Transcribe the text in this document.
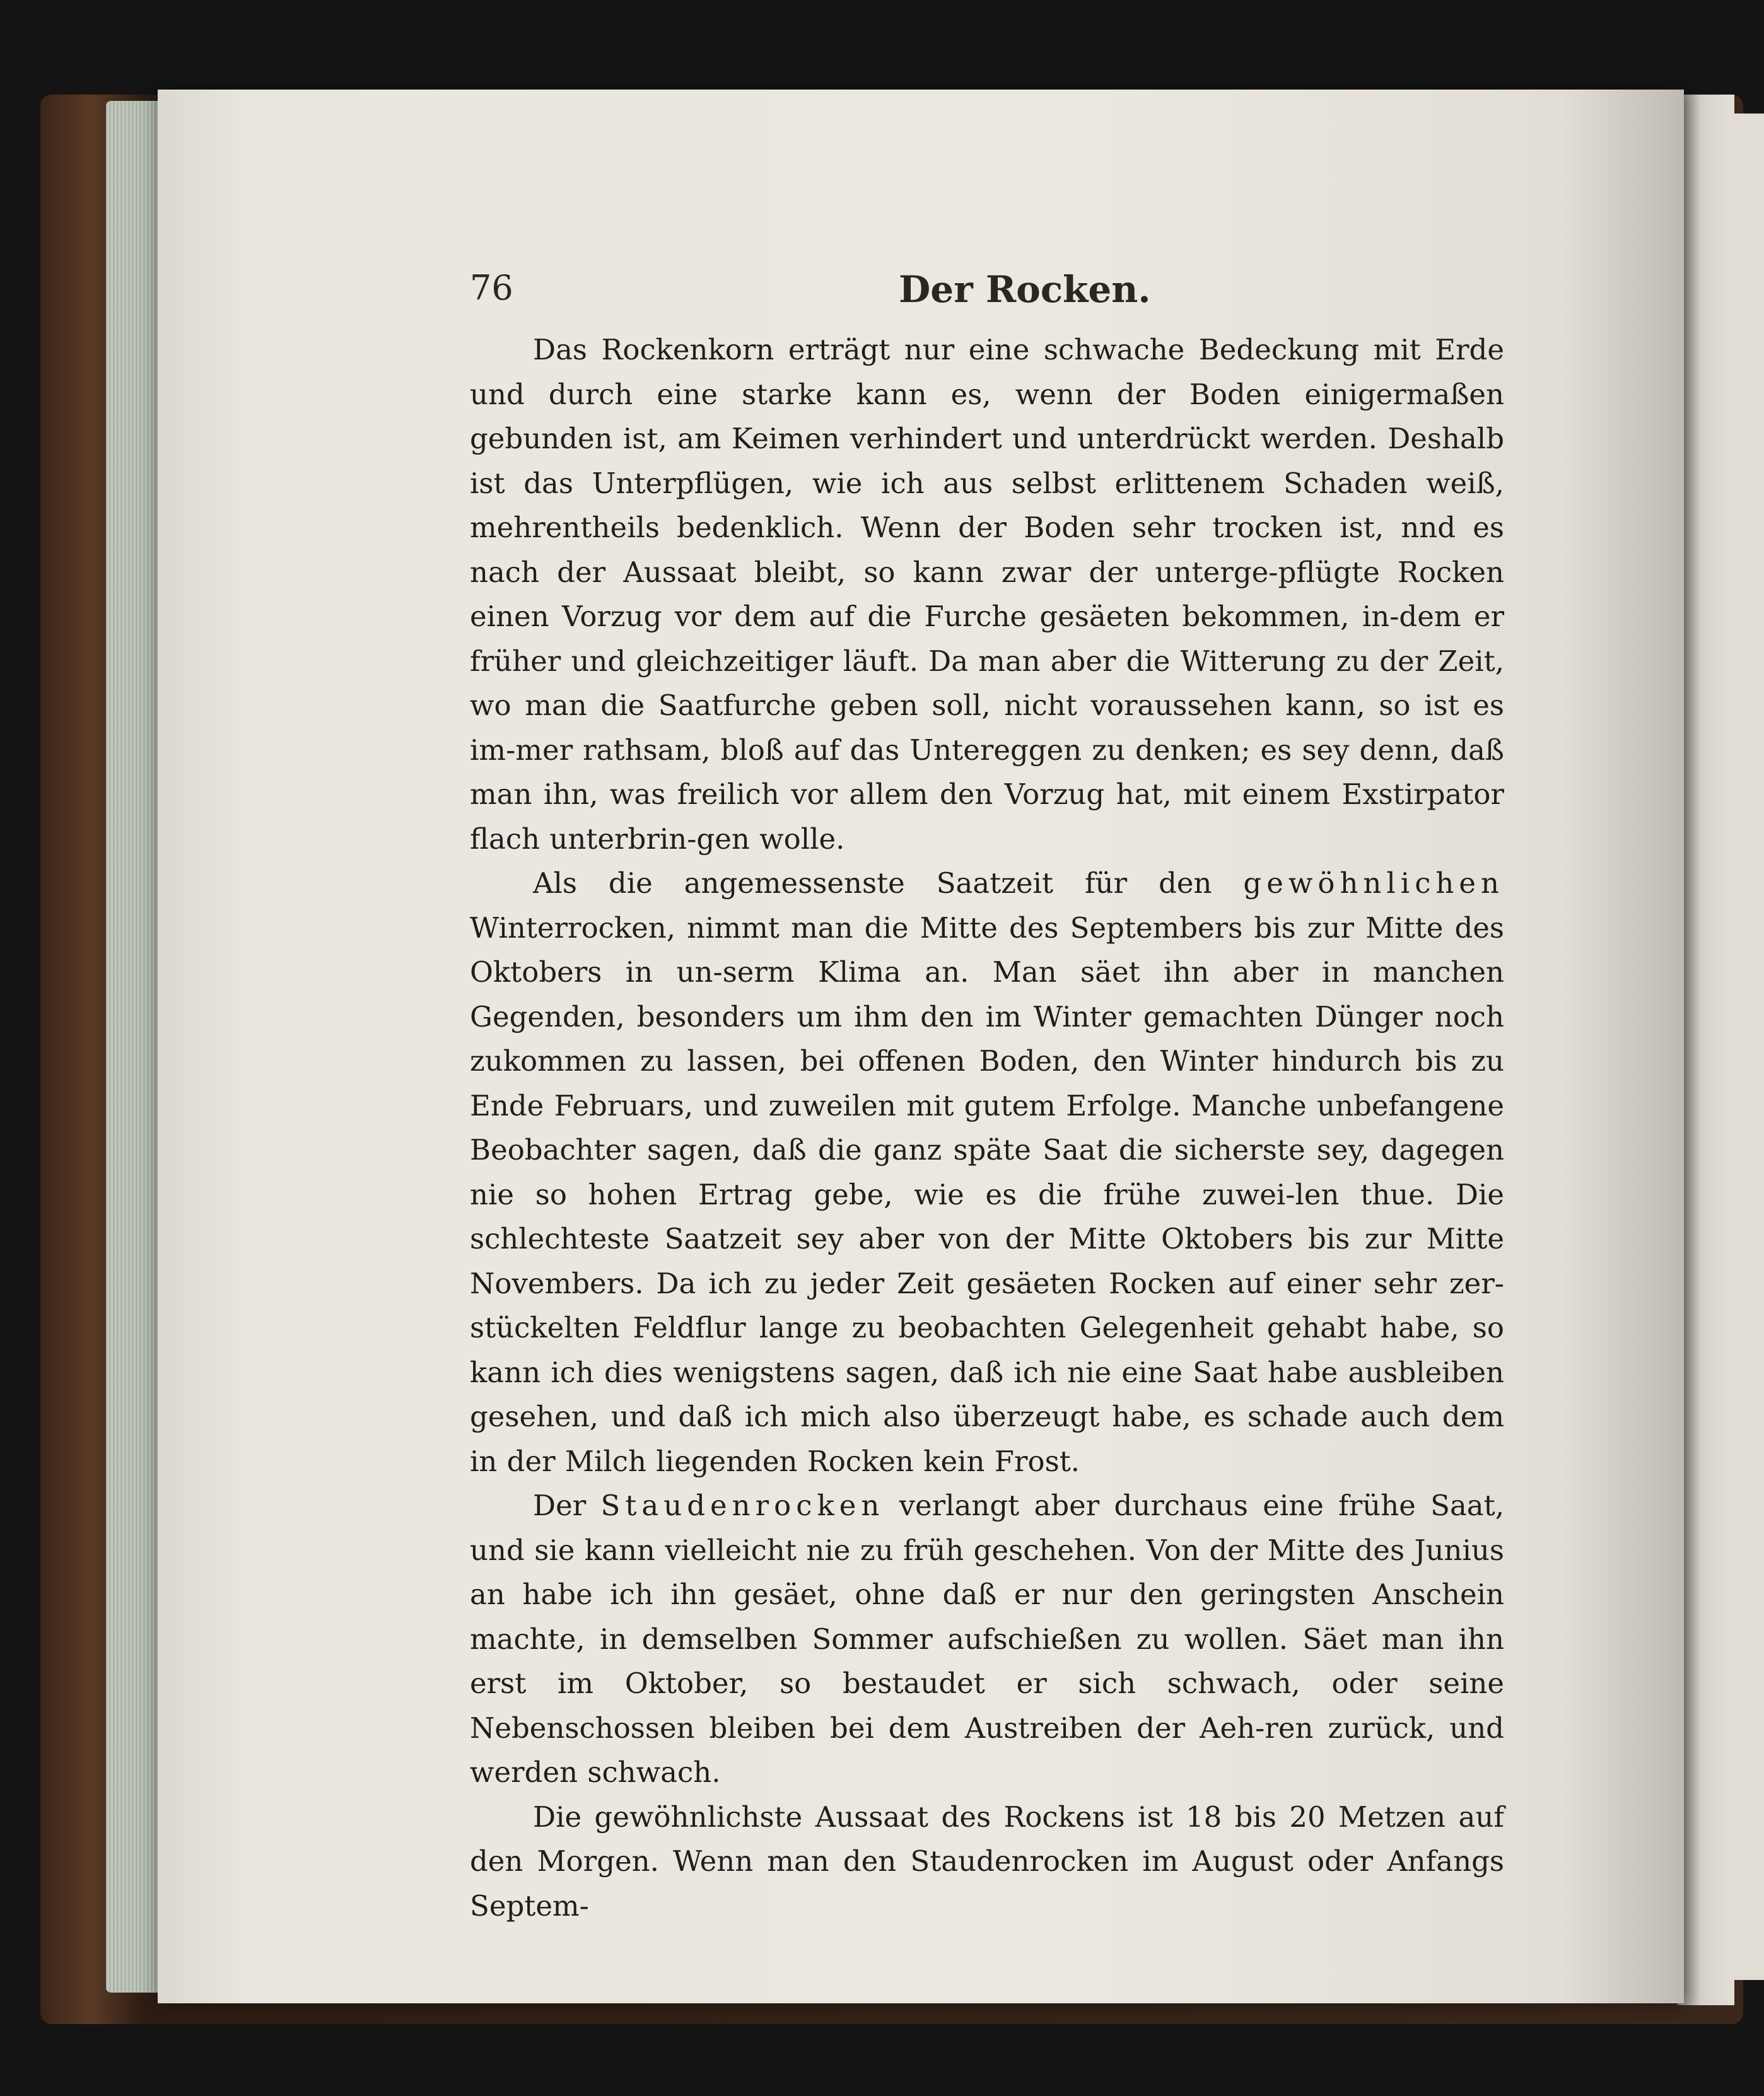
76	Der Rocken.

Das Rockenkorn erträgt nur eine schwache Bedeckung mit Erde und durch eine starke kann es, wenn der Boden einigermaßen gebunden ist, am Keimen verhindert und unterdrückt werden. Deshalb ist das Unterpflügen, wie ich aus selbst erlittenem Schaden weiß, mehrentheils bedenklich. Wenn der Boden sehr trocken ist, nnd es nach der Aussaat bleibt, so kann zwar der unterge-pflügte Rocken einen Vorzug vor dem auf die Furche gesäeten bekommen, in-dem er früher und gleichzeitiger läuft. Da man aber die Witterung zu der Zeit, wo man die Saatfurche geben soll, nicht voraussehen kann, so ist es im-mer rathsam, bloß auf das Untereggen zu denken; es sey denn, daß man ihn, was freilich vor allem den Vorzug hat, mit einem Exstirpator flach unterbrin-gen wolle.

Als die angemessenste Saatzeit für den gewöhnlichen Winterrocken, nimmt man die Mitte des Septembers bis zur Mitte des Oktobers in un-serm Klima an. Man säet ihn aber in manchen Gegenden, besonders um ihm den im Winter gemachten Dünger noch zukommen zu lassen, bei offenen Boden, den Winter hindurch bis zu Ende Februars, und zuweilen mit gutem Erfolge. Manche unbefangene Beobachter sagen, daß die ganz späte Saat die sicherste sey, dagegen nie so hohen Ertrag gebe, wie es die frühe zuwei-len thue. Die schlechteste Saatzeit sey aber von der Mitte Oktobers bis zur Mitte Novembers. Da ich zu jeder Zeit gesäeten Rocken auf einer sehr zer-stückelten Feldflur lange zu beobachten Gelegenheit gehabt habe, so kann ich dies wenigstens sagen, daß ich nie eine Saat habe ausbleiben gesehen, und daß ich mich also überzeugt habe, es schade auch dem in der Milch liegenden Rocken kein Frost.

Der Staudenrocken verlangt aber durchaus eine frühe Saat, und sie kann vielleicht nie zu früh geschehen. Von der Mitte des Junius an habe ich ihn gesäet, ohne daß er nur den geringsten Anschein machte, in demselben Sommer aufschießen zu wollen. Säet man ihn erst im Oktober, so bestaudet er sich schwach, oder seine Nebenschossen bleiben bei dem Austreiben der Aeh-ren zurück, und werden schwach.

Die gewöhnlichste Aussaat des Rockens ist 18 bis 20 Metzen auf den Morgen. Wenn man den Staudenrocken im August oder Anfangs Septem-
